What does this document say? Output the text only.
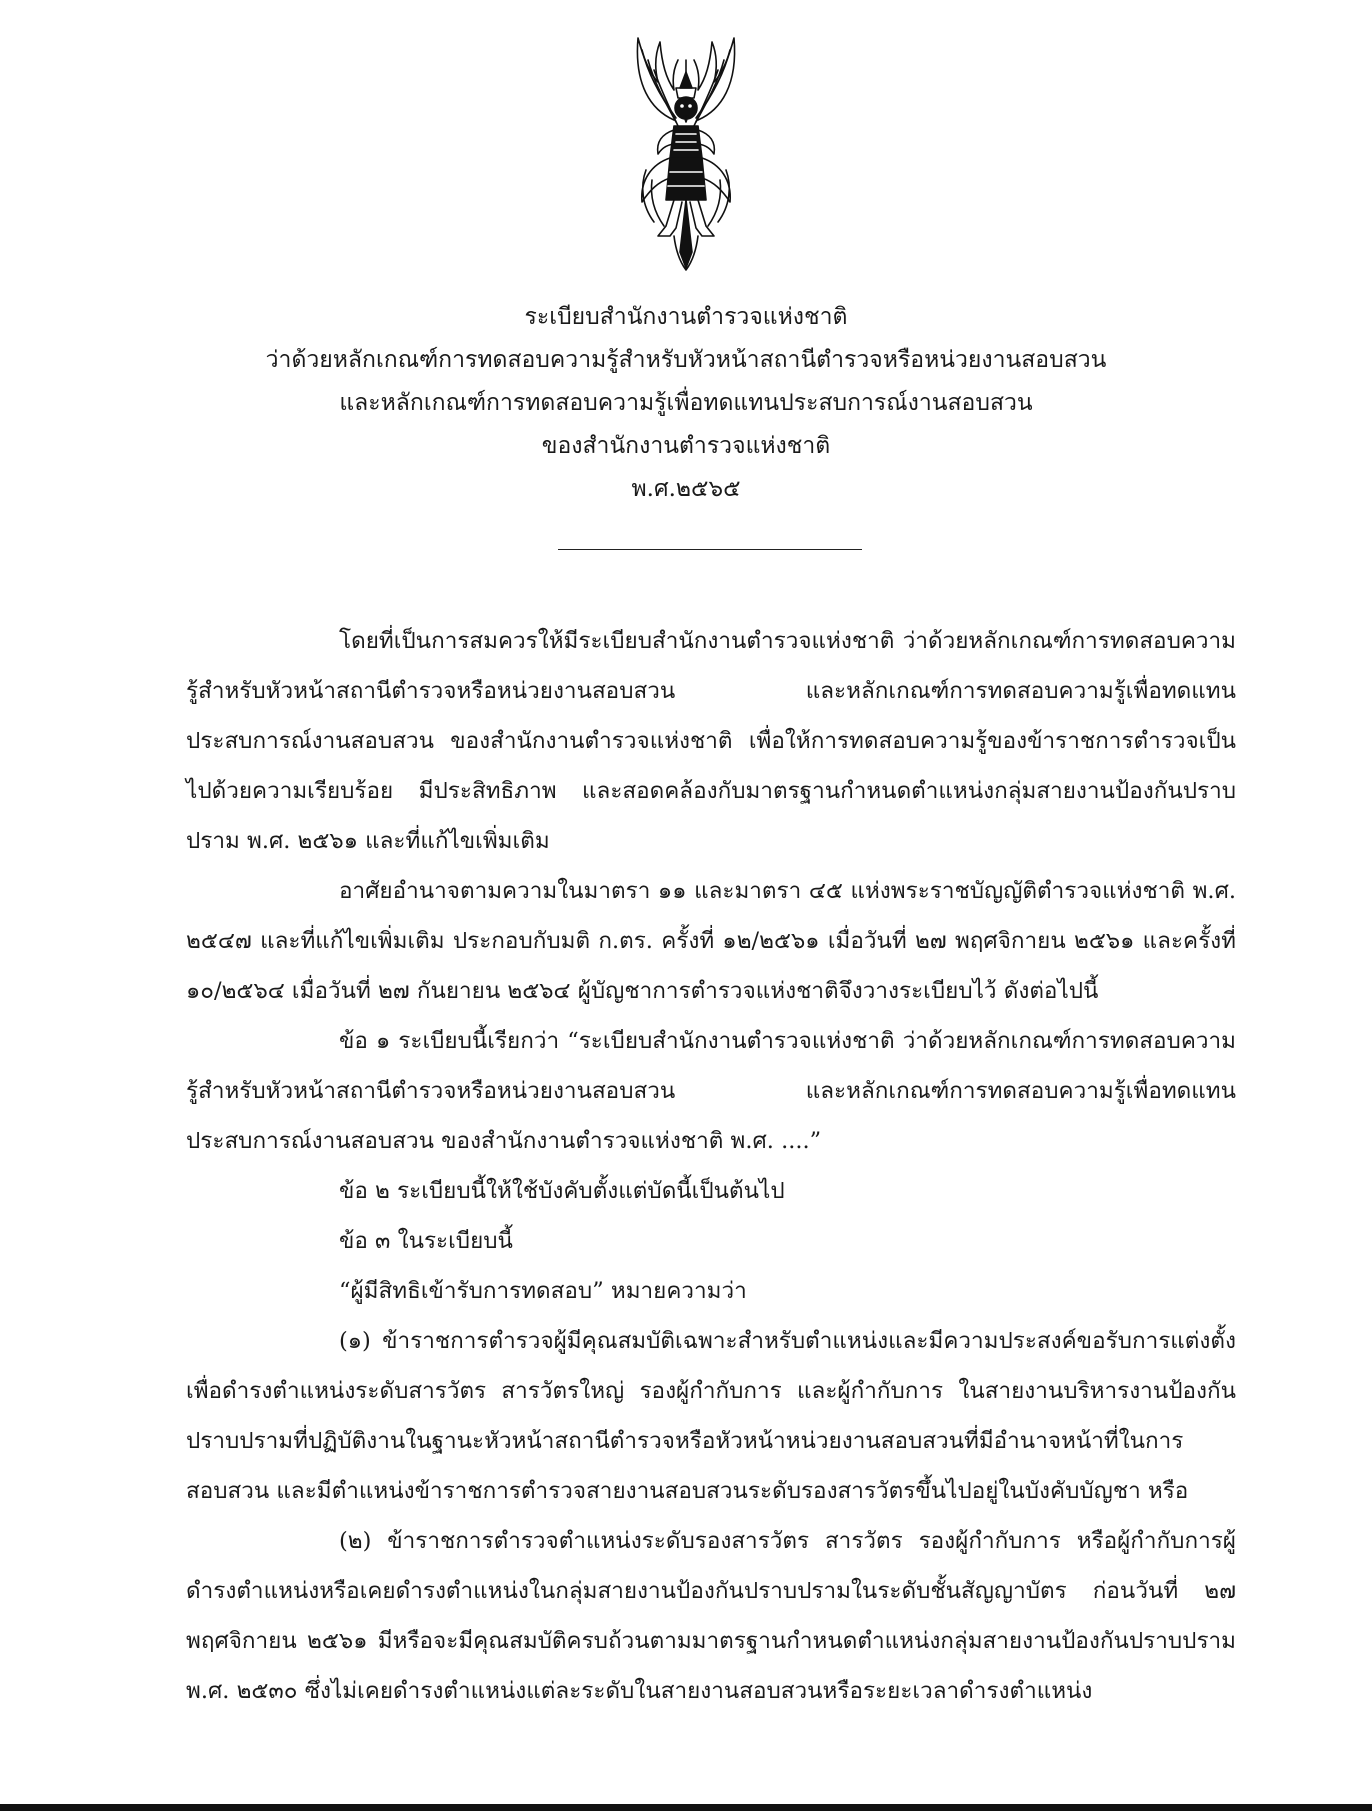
ระเบียบสำนักงานตำรวจแห่งชาติ
ว่าด้วยหลักเกณฑ์การทดสอบความรู้สำหรับหัวหน้าสถานีตำรวจหรือหน่วยงานสอบสวน
และหลักเกณฑ์การทดสอบความรู้เพื่อทดแทนประสบการณ์งานสอบสวน
ของสำนักงานตำรวจแห่งชาติ
พ.ศ.๒๕๖๕

โดยที่เป็นการสมควรให้มีระเบียบสำนักงานตำรวจแห่งชาติ ว่าด้วยหลักเกณฑ์การทดสอบความรู้สำหรับหัวหน้าสถานีตำรวจหรือหน่วยงานสอบสวน และหลักเกณฑ์การทดสอบความรู้เพื่อทดแทนประสบการณ์งานสอบสวน ของสำนักงานตำรวจแห่งชาติ เพื่อให้การทดสอบความรู้ของข้าราชการตำรวจเป็นไปด้วยความเรียบร้อย มีประสิทธิภาพ และสอดคล้องกับมาตรฐานกำหนดตำแหน่งกลุ่มสายงานป้องกันปราบปราม พ.ศ. ๒๕๖๑ และที่แก้ไขเพิ่มเติม

อาศัยอำนาจตามความในมาตรา ๑๑ และมาตรา ๔๕ แห่งพระราชบัญญัติตำรวจแห่งชาติ พ.ศ. ๒๕๔๗ และที่แก้ไขเพิ่มเติม ประกอบกับมติ ก.ตร. ครั้งที่ ๑๒/๒๕๖๑ เมื่อวันที่ ๒๗ พฤศจิกายน ๒๕๖๑ และครั้งที่ ๑๐/๒๕๖๔ เมื่อวันที่ ๒๗ กันยายน ๒๕๖๔ ผู้บัญชาการตำรวจแห่งชาติจึงวางระเบียบไว้ ดังต่อไปนี้

ข้อ ๑ ระเบียบนี้เรียกว่า “ระเบียบสำนักงานตำรวจแห่งชาติ ว่าด้วยหลักเกณฑ์การทดสอบความรู้สำหรับหัวหน้าสถานีตำรวจหรือหน่วยงานสอบสวน และหลักเกณฑ์การทดสอบความรู้เพื่อทดแทนประสบการณ์งานสอบสวน ของสำนักงานตำรวจแห่งชาติ พ.ศ. ....”

ข้อ ๒ ระเบียบนี้ให้ใช้บังคับตั้งแต่บัดนี้เป็นต้นไป

ข้อ ๓ ในระเบียบนี้

“ผู้มีสิทธิเข้ารับการทดสอบ” หมายความว่า

(๑) ข้าราชการตำรวจผู้มีคุณสมบัติเฉพาะสำหรับตำแหน่งและมีความประสงค์ขอรับการแต่งตั้งเพื่อดำรงตำแหน่งระดับสารวัตร สารวัตรใหญ่ รองผู้กำกับการ และผู้กำกับการ ในสายงานบริหารงานป้องกันปราบปรามที่ปฏิบัติงานในฐานะหัวหน้าสถานีตำรวจหรือหัวหน้าหน่วยงานสอบสวนที่มีอำนาจหน้าที่ในการสอบสวน และมีตำแหน่งข้าราชการตำรวจสายงานสอบสวนระดับรองสารวัตรขึ้นไปอยู่ในบังคับบัญชา หรือ

(๒) ข้าราชการตำรวจตำแหน่งระดับรองสารวัตร สารวัตร รองผู้กำกับการ หรือผู้กำกับการผู้ดำรงตำแหน่งหรือเคยดำรงตำแหน่งในกลุ่มสายงานป้องกันปราบปรามในระดับชั้นสัญญาบัตร ก่อนวันที่ ๒๗ พฤศจิกายน ๒๕๖๑ มีหรือจะมีคุณสมบัติครบถ้วนตามมาตรฐานกำหนดตำแหน่งกลุ่มสายงานป้องกันปราบปราม พ.ศ. ๒๕๓๐ ซึ่งไม่เคยดำรงตำแหน่งแต่ละระดับในสายงานสอบสวนหรือระยะเวลาดำรงตำแหน่ง
